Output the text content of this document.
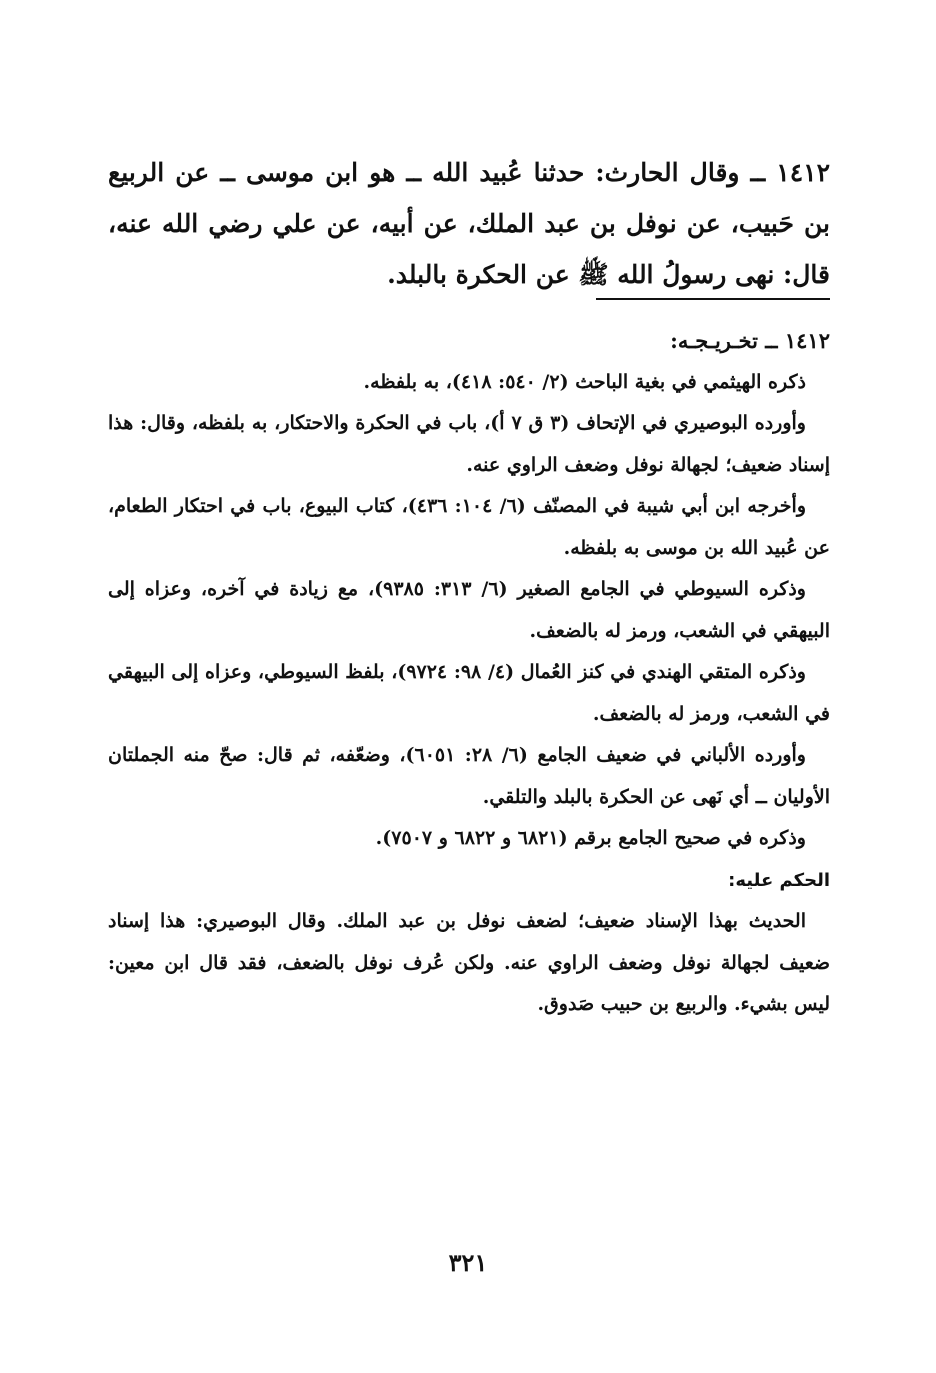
١٤١٢ ــ وقال الحارث: حدثنا عُبيد الله ــ هو ابن موسى ــ عن الربيع بن حَبيب، عن نوفل بن عبد الملك، عن أبيه، عن علي رضي الله عنه، قال: نهى رسولُ الله ﷺ عن الحكرة بالبلد.

١٤١٢ ــ تخـريـجـه:

ذكره الهيثمي في بغية الباحث (٢/ ٥٤٠: ٤١٨)، به بلفظه.

وأورده البوصيري في الإتحاف (٣ ق ٧ أ)، باب في الحكرة والاحتكار، به بلفظه، وقال: هذا إسناد ضعيف؛ لجهالة نوفل وضعف الراوي عنه.

وأخرجه ابن أبي شيبة في المصنّف (٦/ ١٠٤: ٤٣٦)، كتاب البيوع، باب في احتكار الطعام، عن عُبيد الله بن موسى به بلفظه.

وذكره السيوطي في الجامع الصغير (٦/ ٣١٣: ٩٣٨٥)، مع زيادة في آخره، وعزاه إلى البيهقي في الشعب، ورمز له بالضعف.

وذكره المتقي الهندي في كنز العُمال (٤/ ٩٨: ٩٧٢٤)، بلفظ السيوطي، وعزاه إلى البيهقي في الشعب، ورمز له بالضعف.

وأورده الألباني في ضعيف الجامع (٦/ ٢٨: ٦٠٥١)، وضعّفه، ثم قال: صحّ منه الجملتان الأوليان ــ أي نَهى عن الحكرة بالبلد والتلقي.

وذكره في صحيح الجامع برقم (٦٨٢١ و ٦٨٢٢ و ٧٥٠٧).

الحكم عليه:

الحديث بهذا الإسناد ضعيف؛ لضعف نوفل بن عبد الملك. وقال البوصيري: هذا إسناد ضعيف لجهالة نوفل وضعف الراوي عنه. ولكن عُرف نوفل بالضعف، فقد قال ابن معين: ليس بشيء. والربيع بن حبيب صَدوق.

٣٢١
